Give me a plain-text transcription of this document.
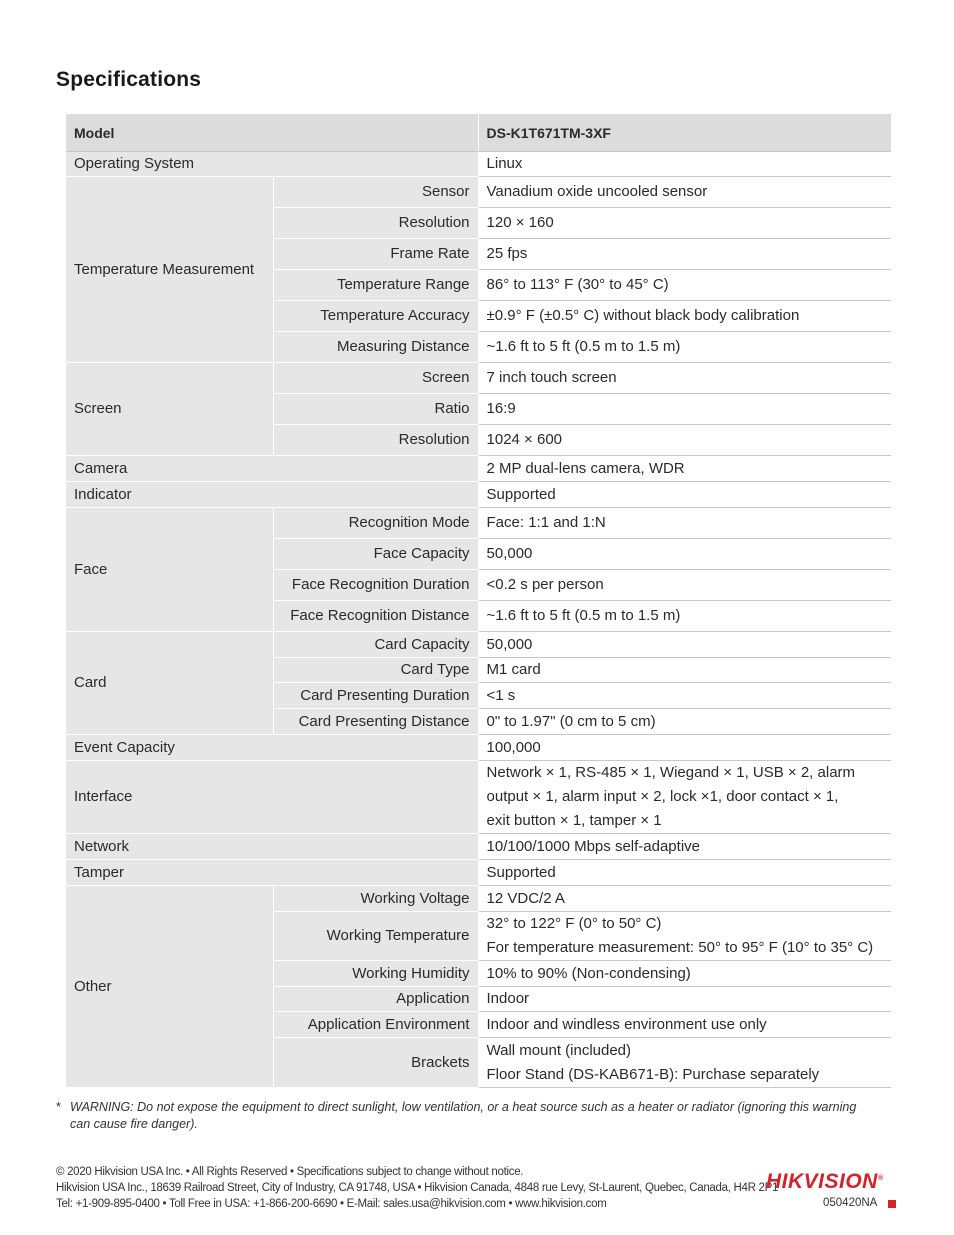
Specifications
Model		DS-K1T671TM-3XF
Operating System		Linux
Temperature Measurement	Sensor	Vanadium oxide uncooled sensor
	Resolution	120 × 160
	Frame Rate	25 fps
	Temperature Range	86° to 113° F (30° to 45° C)
	Temperature Accuracy	±0.9° F (±0.5° C) without black body calibration
	Measuring Distance	~1.6 ft to 5 ft (0.5 m to 1.5 m)
Screen	Screen	7 inch touch screen
	Ratio	16:9
	Resolution	1024 × 600
Camera		2 MP dual-lens camera, WDR
Indicator		Supported
Face	Recognition Mode	Face: 1:1 and 1:N
	Face Capacity	50,000
	Face Recognition Duration	<0.2 s per person
	Face Recognition Distance	~1.6 ft to 5 ft (0.5 m to 1.5 m)
Card	Card Capacity	50,000
	Card Type	M1 card
	Card Presenting Duration	<1 s
	Card Presenting Distance	0" to 1.97" (0 cm to 5 cm)
Event Capacity		100,000
Interface		Network × 1, RS-485 × 1, Wiegand × 1, USB × 2, alarm
output × 1, alarm input × 2, lock ×1, door contact × 1,
exit button × 1, tamper × 1

Network		10/100/1000 Mbps self-adaptive
Tamper		Supported
Other	Working Voltage	12 VDC/2 A
	Working Temperature	32° to 122° F (0° to 50° C)
For temperature measurement: 50° to 95° F (10° to 35° C)

	Working Humidity	10% to 90% (Non-condensing)
	Application	Indoor
	Application Environment	Indoor and windless environment use only
	Brackets	Wall mount (included)
Floor Stand (DS-KAB671-B): Purchase separately
* WARNING: Do not expose the equipment to direct sunlight, low ventilation, or a heat source such as a heater or radiator (ignoring this warning can cause fire danger).
© 2020 Hikvision USA Inc. • All Rights Reserved • Specifications subject to change without notice.
Hikvision USA Inc., 18639 Railroad Street, City of Industry, CA 91748, USA • Hikvision Canada, 4848 rue Levy, St-Laurent, Quebec, Canada, H4R 2P1
Tel: +1-909-895-0400 • Toll Free in USA: +1-866-200-6690 • E-Mail: sales.usa@hikvision.com • www.hikvision.com
HIKVISION®
050420NA
